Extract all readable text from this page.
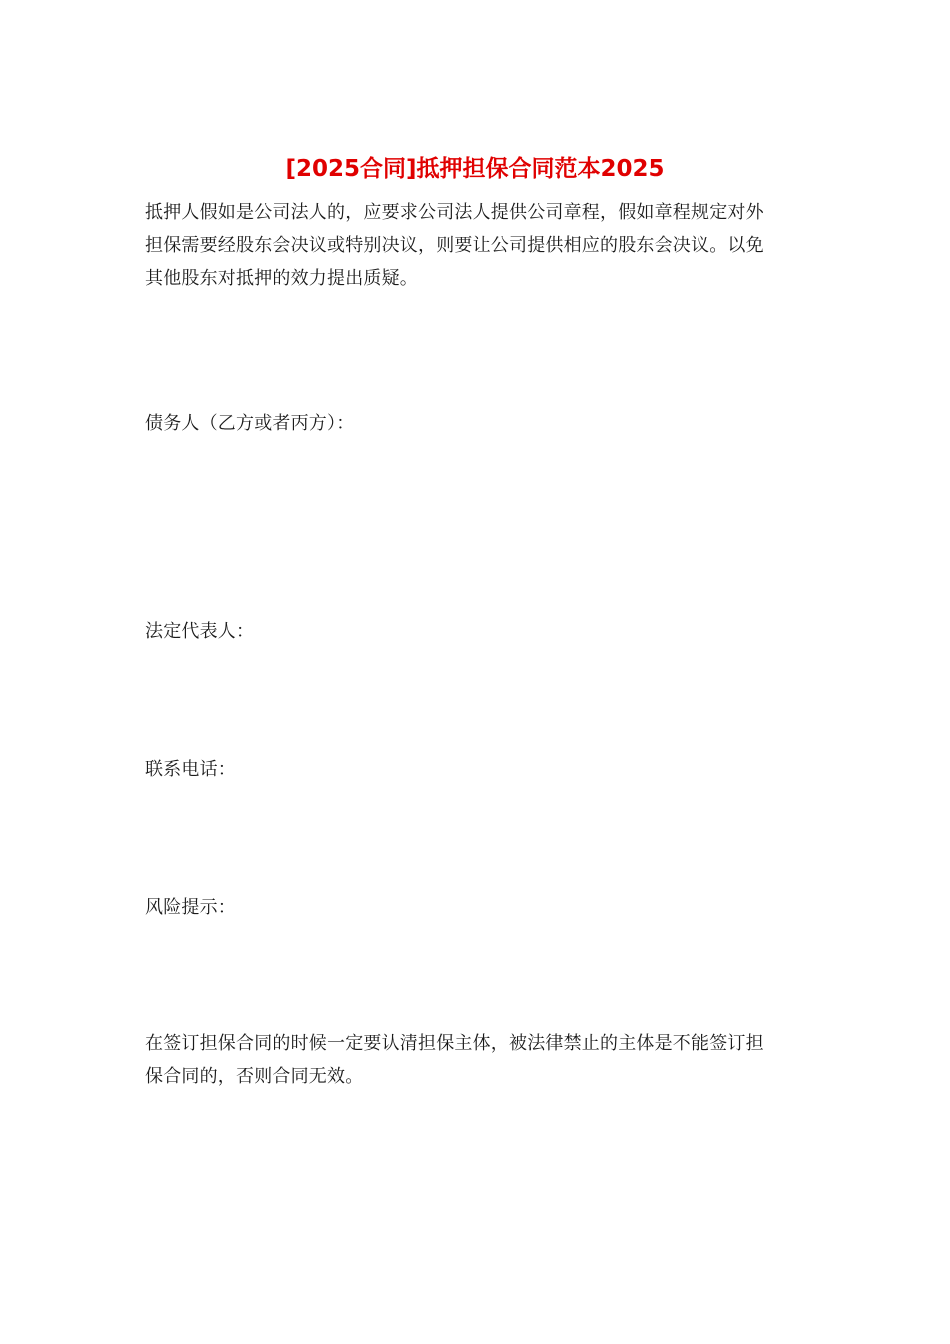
[2025合同]抵押担保合同范本2025

抵押人假如是公司法人的，应要求公司法人提供公司章程，假如章程规定对外
担保需要经股东会决议或特别决议，则要让公司提供相应的股东会决议。以免
其他股东对抵押的效力提出质疑。

债务人（乙方或者丙方）：

法定代表人：

联系电话：

风险提示：

在签订担保合同的时候一定要认清担保主体，被法律禁止的主体是不能签订担
保合同的，否则合同无效。
